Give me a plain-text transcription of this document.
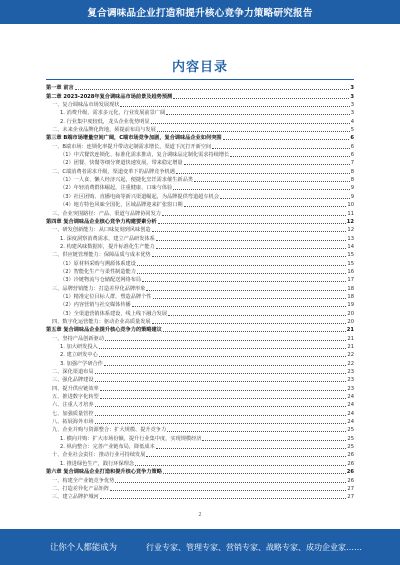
复合调味品企业打造和提升核心竞争力策略研究报告
内容目录
第一章 前言	3
第二章 2023-2028年复合调味品市场前景及趋势预测	3
一、复合调味品市场发展现状	3
1. 消费升级、需求多元化，行业发展前景广阔	3
2. 行业集中度较低，龙头企业优势明显	4
二、未来企业品牌化阵地，须提前布局与发展	5
第三章 B端市场增量空间广阔，C端市场竞争加剧，复合调味品企业如何突围	6
一、B端市场：连锁化率提升带动定制需求增长，渠道下沉打开新空间	6
（1）中式餐饮连锁化、标准化需求推动，复合调味品定制化需求持续增长	6
（2）团餐、快餐等细分赛道快速发展，带来稳定增量	7
二、C端消费者需求升级，渠道变革下的品牌竞争机遇	8
（1）一人食、懒人经济兴起，便捷化烹饪需求催生新品类	8
（2）年轻消费群体崛起，注重健康、口味与体验	9
（3）社区团购、直播电商等新兴渠道崛起，为品牌提供弯道超车机会	9
（4）地方特色风味全国化，区域品牌迎来扩张窗口期	10
三、企业突围路径：产品、渠道与品牌协同发力	11
第四章 复合调味品企业核心竞争力构建要素分析	12
一、研发创新能力：从口味复刻到风味创造	12
1. 深度洞察消费需求，建立产品研发体系	13
2. 构建风味数据库，提升标准化生产能力	14
二、供应链管理能力：保障品质与成本优势	15
（1）原材料采购与溯源体系建设	15
（2）智能化生产与柔性制造能力	16
（3）冷链物流与仓储配送网络布局	17
三、品牌营销能力：打造差异化品牌形象	18
（1）精准定位目标人群，塑造品牌个性	18
（2）内容营销与社交媒体传播	19
（3）全渠道营销体系建设，线上线下融合发展	20
四、数字化运营能力：驱动企业高质量发展	20
第五章 复合调味品企业提升核心竞争力的策略建议	21
一、坚持产品创新驱动	21
1. 加大研发投入	21
2. 建立研发中心	22
3. 加强产学研合作	22
二、深化渠道布局	23
三、强化品牌建设	23
四、提升供应链效率	23
五、推进数字化转型	24
六、注重人才培养	24
七、加强质量管控	24
八、拓展海外市场	24
九、企业并购与资源整合：扩大规模、提升竞争力	25
1. 横向并购：扩大市场份额，提升行业集中度，实现规模经济	25
2. 纵向整合：完善产业链布局，降低成本	25
十、企业社会责任：推动行业可持续发展	26
1. 推进绿色生产，践行环保理念	26
第六章 复合调味品企业打造和提升核心竞争力策略	26
一、构建全产业链竞争优势	26
二、打造差异化产品矩阵	27
三、建立品牌护城河	27
2
让你个人都能成为	行业专家、管理专家、营销专家、战略专家、成功企业家……
